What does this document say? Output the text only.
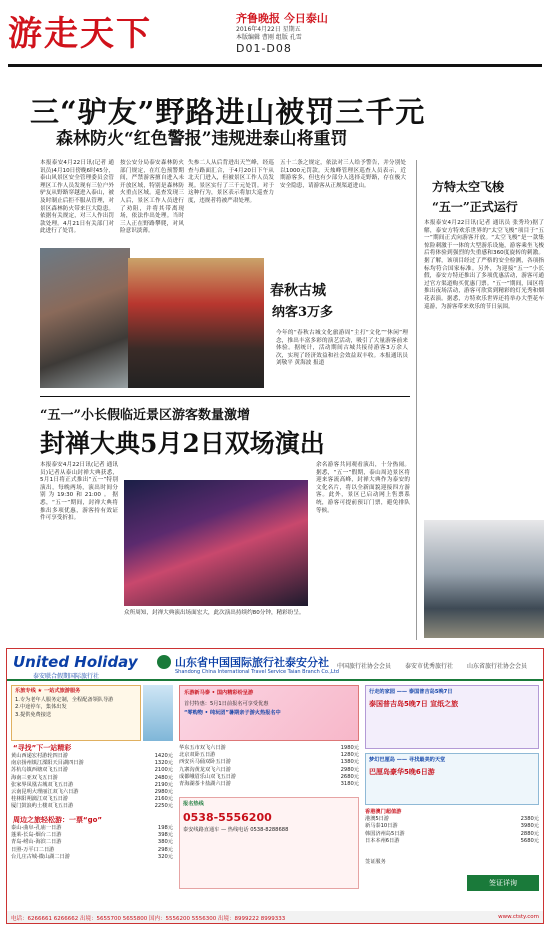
游走天下	齐鲁晚报 今日泰山
2016年4月22日 星期五
本版编辑 曹刚 组版 孔雪
D01-D08
三“驴友”野路进山被罚三千元
森林防火“红色警报”违规进泰山将重罚
本报泰安4月22日讯(记者 通讯员)4月10日傍晚6时45分，泰山风景区安全管理委员会管理区工作人员发现有三位户外驴友从野路穿越进入泰山，被及时制止后拒不服从管理，对景区森林防火带来巨大隐患。依据有关规定，对三人作出罚款处理。4月21日有关部门对此进行了处罚。
按公安分局泰安森林防火部门规定，在红色预警期间，严禁游客擅自进入未开放区域，特别是森林防火重点区域。巡查发现三人后，景区工作人员进行了劝阻，并将其带离现场，依法作出处理。当时三人正在野路攀爬，对风险意识淡薄。
失参二人从后背进出天竺峰，经巡查与路面汇合，于4月20日下午从北天门进入，但被景区工作人员发现。景区实行了三千元处罚。对于这种行为，景区表示将加大巡查力度，违规者将被严肃处理。
五十二条之规定，依法对三人给予警告，并分别处以1000元罚款。天烛峰管理区巡查人员表示，近期游客多，但也有少部分人选择走野路，存在极大安全隐患，请游客从正规渠道进山。
春秋古城
纳客3万多
今年的“春秋古城文化旅游周”主打“文化”“休闲”理念，推出丰富多彩的演艺活动，吸引了大量游客前来体验。据统计，活动期间古城共接待游客3万余人次，实现了经济效益和社会效益双丰收。本报通讯员 刘敬平 黄海波 报道
方特太空飞梭
“五一”正式运行
本报泰安4月22日讯(记者 通讯员 张秀玲)据了解，泰安方特欢乐世界的“太空飞梭”项目于“五一”期间正式向游客开放。“太空飞梭”是一款集惊险刺激于一体的大型游乐设施，游客乘坐飞梭后将体验到强烈的失重感和360度旋转的刺激。据了解，该项目经过了严格的安全检测，各项指标均符合国家标准。另外，为迎接“五一”小长假，泰安方特还推出了多项优惠活动，游客可通过官方渠道购买优惠门票。“五一”期间，园区将推出夜场活动，游客可欣赏到精彩的灯光秀和烟花表演。据悉，方特欢乐世界还将举办大型花车巡游，为游客带来欢乐的节日氛围。
“五一”小长假临近景区游客数量激增
封禅大典5月2日双场演出
本报泰安4月22日讯(记者 通讯员)记者从泰山封禅大典获悉，5月1日将正式推出“五一”特别演出，每晚两场，演出时间分别为19:30和21:00。据悉，“五一”期间，封禅大典将推出多项优惠，游客持有效证件可享受折扣。
众所周知，封禅大典演出场面宏大，此次演出持续约80分钟，精彩纷呈。
余名游客共同观看演出，十分热闹。据悉，“五一”假期，泰山周边景区将迎来客流高峰，封禅大典作为泰安的文化名片，将以全新面貌迎接四方游客。此外，景区已启动网上售票系统，游客可提前预订门票，避免排队等候。
United Holiday
泰安联合假期国际旅行社
山东省中国国际旅行社泰安分社
Shandong China International Travel Service Taian Branch Co.,Ltd
中国旅行社协会会员 泰安市优秀旅行社 山东省旅行社协会会员
乐旅专线 ★ 一站式旅游服务
1.专为老年人服务定制，全程配备领队导游
2.中途停车，集体出发
3.提供免费接送
“寻找”下一站精彩
黄山西递宏村游轮四日游	1420元
南京扬州镇江溧阳天目湖四日游	1320元
苏杭乌镇西塘双飞五日游	2100元
海南三亚双飞五日游	2480元
张家界凤凰古城双飞五日游	2190元
云南昆明大理丽江双飞六日游	2980元
桂林阳朔漓江双飞五日游	2160元
厦门鼓浪屿土楼双飞五日游	2250元
周边之旅轻松游：一票“go”
泰山-曲阜-孔庙一日游	198元
蓬莱-长岛-烟台二日游	398元
青岛-崂山-海滨二日游	380元
日照-万平口二日游	298元
台儿庄古城-微山湖二日游	320元
乐游新马泰 • 国内精彩纷呈游
首付特惠：5月1日前报名可享受优惠
“零购物 • 纯玩团”暑期亲子游火热报名中
华东五市双飞六日游	1980元
北京双卧五日游	1280元
西安兵马俑双卧五日游	1380元
九寨沟黄龙双飞六日游	2980元
成都峨眉乐山双飞五日游	2680元
青海湖茶卡盐湖六日游	3180元
报名热线
0538-5556200
泰安线路直通车 — 热线电话 0538-8288688
行走的家园 —— 泰国普吉岛5晚7日
泰国普吉岛5晚7日 宣纸之旅
梦幻巴厘岛 —— 寻找最美的天堂
巴厘岛豪华5晚6日游
香港澳门超值游
港澳5日游	2380元
新马泰10日游	3980元
韩国济州岛5日游	2880元
日本本州6日游	5680元
签证服务
签证详询
电话：6266661 6266662 出境：5655700 5655800 国内：5556200 5556300 出境：8999222 8999333	www.ctsty.com
